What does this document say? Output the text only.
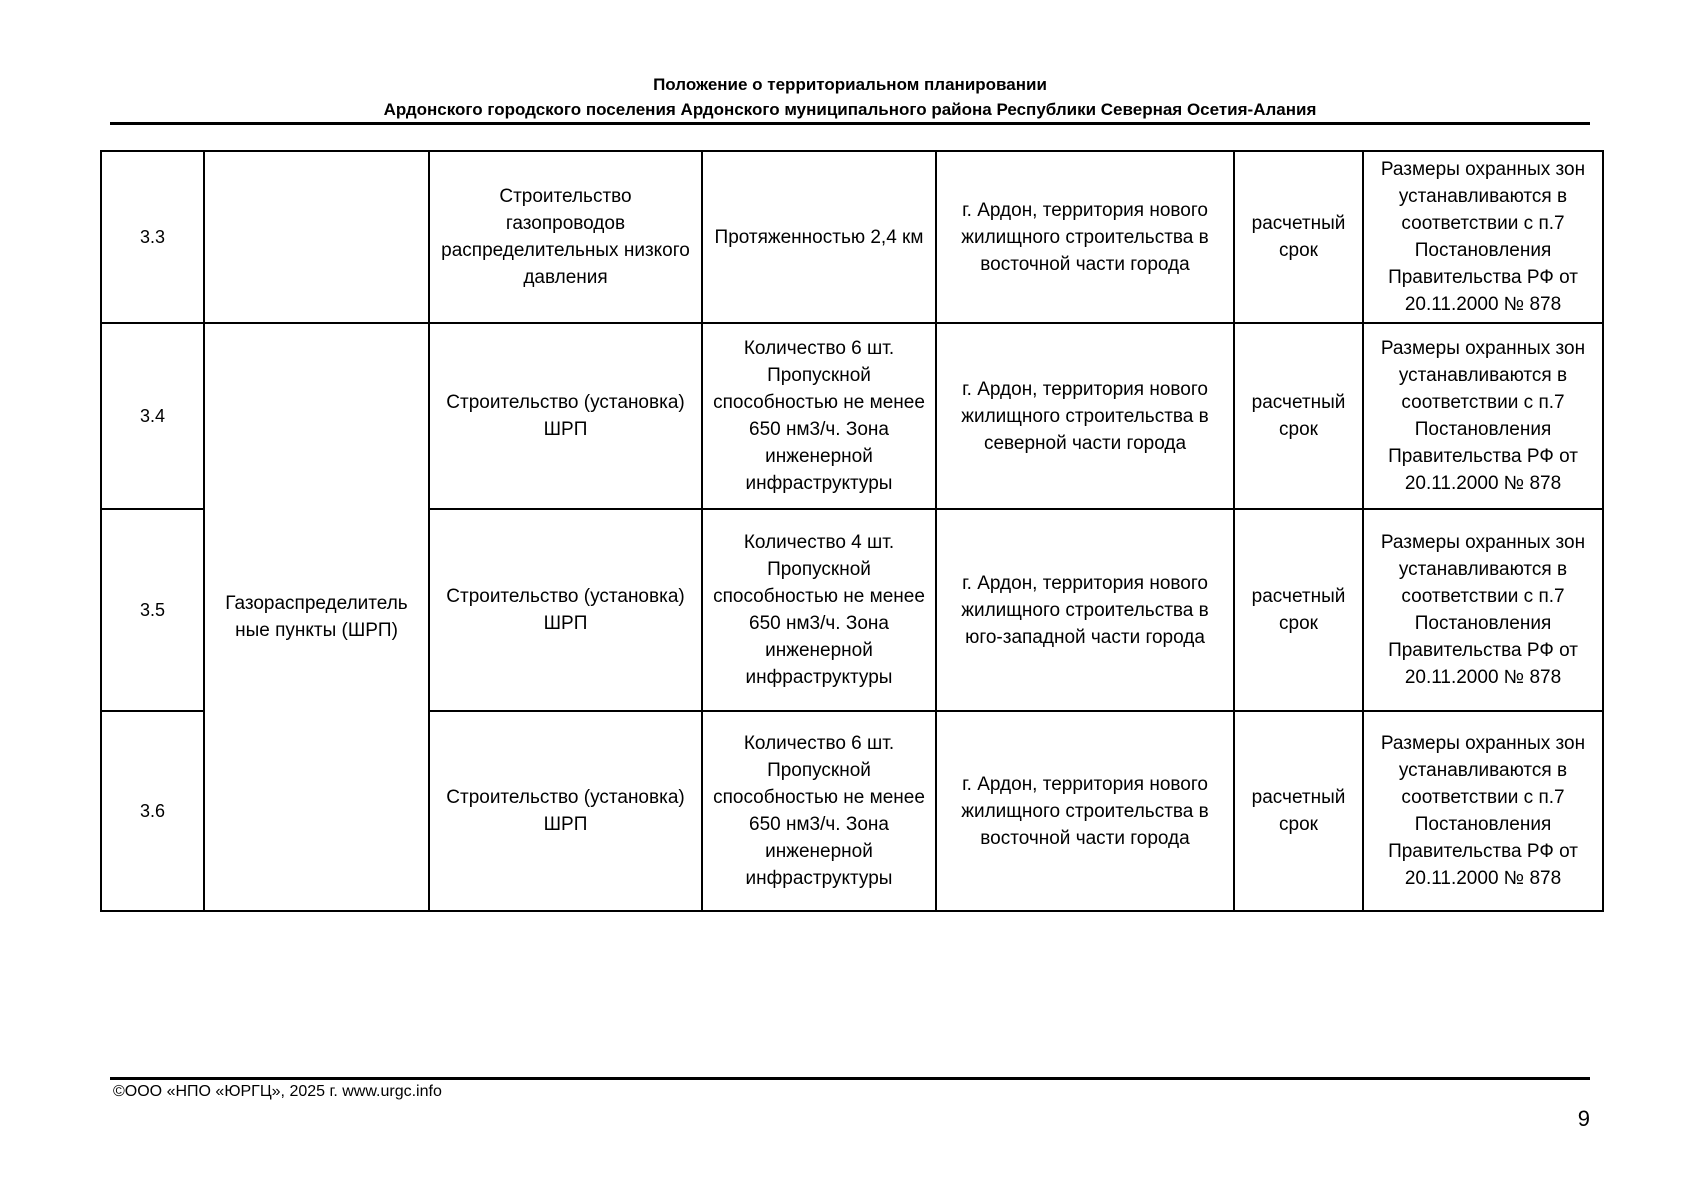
Положение о территориальном планировании
Ардонского городского поселения Ардонского муниципального района Республики Северная Осетия-Алания
3.3		Строительство газопроводов распределительных низкого давления	Протяженностью 2,4 км	г. Ардон, территория нового жилищного строительства в восточной части города	расчетный срок	Размеры охранных зон устанавливаются в соответствии с п.7 Постановления Правительства РФ от 20.11.2000 № 878
3.4	Газораспределитель ные пункты (ШРП)	Строительство (установка) ШРП	Количество 6 шт. Пропускной способностью не менее 650 нм3/ч. Зона инженерной инфраструктуры	г. Ардон, территория нового жилищного строительства в северной части города	расчетный срок	Размеры охранных зон устанавливаются в соответствии с п.7 Постановления Правительства РФ от 20.11.2000 № 878
3.5		Строительство (установка) ШРП	Количество 4 шт. Пропускной способностью не менее 650 нм3/ч. Зона инженерной инфраструктуры	г. Ардон, территория нового жилищного строительства в юго-западной части города	расчетный срок	Размеры охранных зон устанавливаются в соответствии с п.7 Постановления Правительства РФ от 20.11.2000 № 878
3.6		Строительство (установка) ШРП	Количество 6 шт. Пропускной способностью не менее 650 нм3/ч. Зона инженерной инфраструктуры	г. Ардон, территория нового жилищного строительства в восточной части города	расчетный срок	Размеры охранных зон устанавливаются в соответствии с п.7 Постановления Правительства РФ от 20.11.2000 № 878
©ООО «НПО «ЮРГЦ», 2025 г. www.urgc.info
9
